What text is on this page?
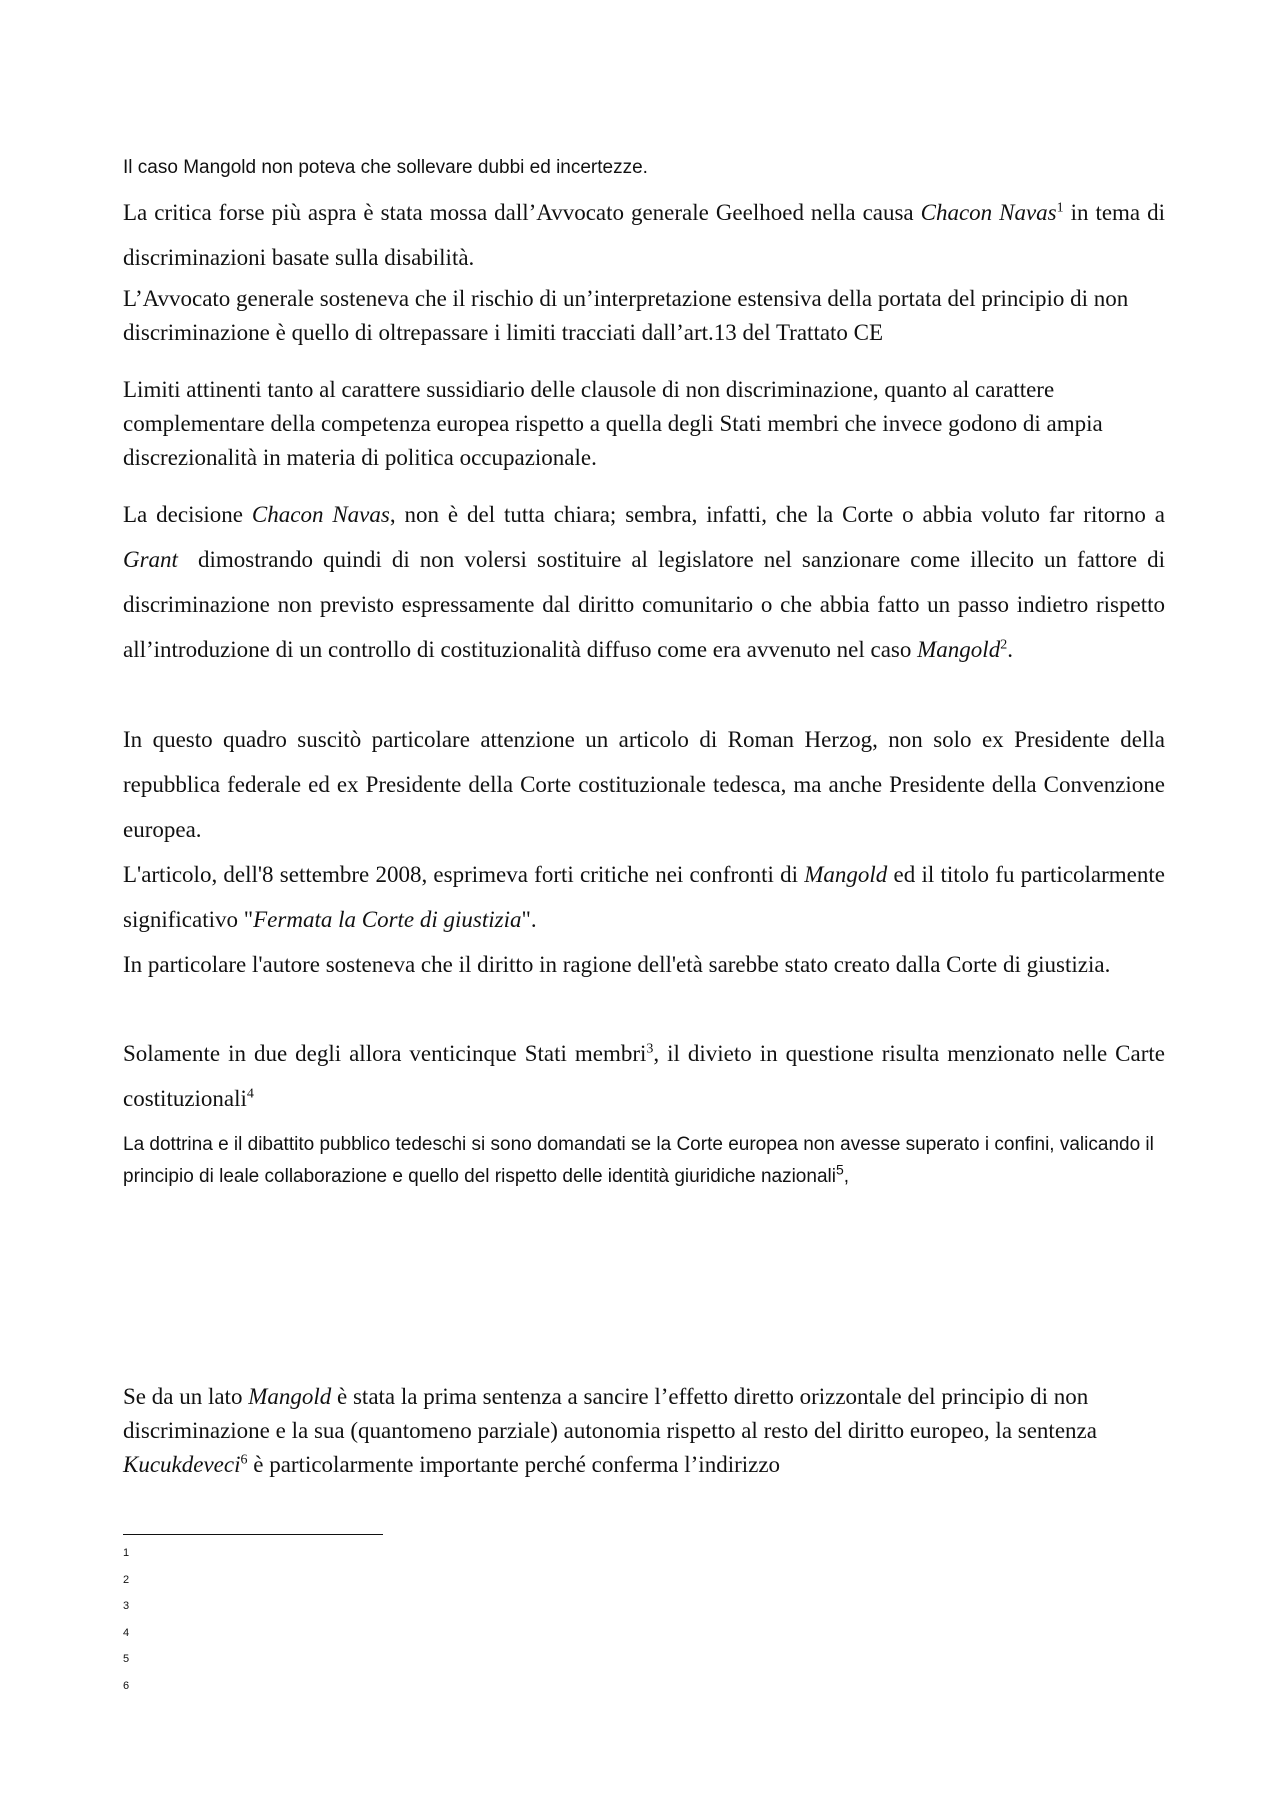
Il caso Mangold non poteva che sollevare dubbi ed incertezze.

La critica forse più aspra è stata mossa dall’Avvocato generale Geelhoed nella causa Chacon Navas$^1$ in tema di discriminazioni basate sulla disabilità.

L’Avvocato generale sosteneva che il rischio di un’interpretazione estensiva della portata del principio di non discriminazione è quello di oltrepassare i limiti tracciati dall’art.13 del Trattato CE

Limiti attinenti tanto al carattere sussidiario delle clausole di non discriminazione, quanto al carattere complementare della competenza europea rispetto a quella degli Stati membri che invece godono di ampia discrezionalità in materia di politica occupazionale.

La decisione Chacon Navas, non è del tutta chiara; sembra, infatti, che la Corte o abbia voluto far ritorno a Grant  dimostrando quindi di non volersi sostituire al legislatore nel sanzionare come illecito un fattore di discriminazione non previsto espressamente dal diritto comunitario o che abbia fatto un passo indietro rispetto all’introduzione di un controllo di costituzionalità diffuso come era avvenuto nel caso Mangold$^2$.

In questo quadro suscitò particolare attenzione un articolo di Roman Herzog, non solo ex Presidente della repubblica federale ed ex Presidente della Corte costituzionale tedesca, ma anche Presidente della Convenzione europea.

L'articolo, dell'8 settembre 2008, esprimeva forti critiche nei confronti di Mangold ed il titolo fu particolarmente significativo "Fermata la Corte di giustizia".

In particolare l'autore sosteneva che il diritto in ragione dell'età sarebbe stato creato dalla Corte di giustizia.

Solamente in due degli allora venticinque Stati membri$^3$, il divieto in questione risulta menzionato nelle Carte costituzionali$^4$

La dottrina e il dibattito pubblico tedeschi si sono domandati se la Corte europea non avesse superato i confini, valicando il principio di leale collaborazione e quello del rispetto delle identità giuridiche nazionali$^5$,

Se da un lato Mangold è stata la prima sentenza a sancire l’effetto diretto orizzontale del principio di non discriminazione e la sua (quantomeno parziale) autonomia rispetto al resto del diritto europeo, la sentenza Kucukdeveci$^6$ è particolarmente importante perché conferma l’indirizzo

1
2
3
4
5
6
